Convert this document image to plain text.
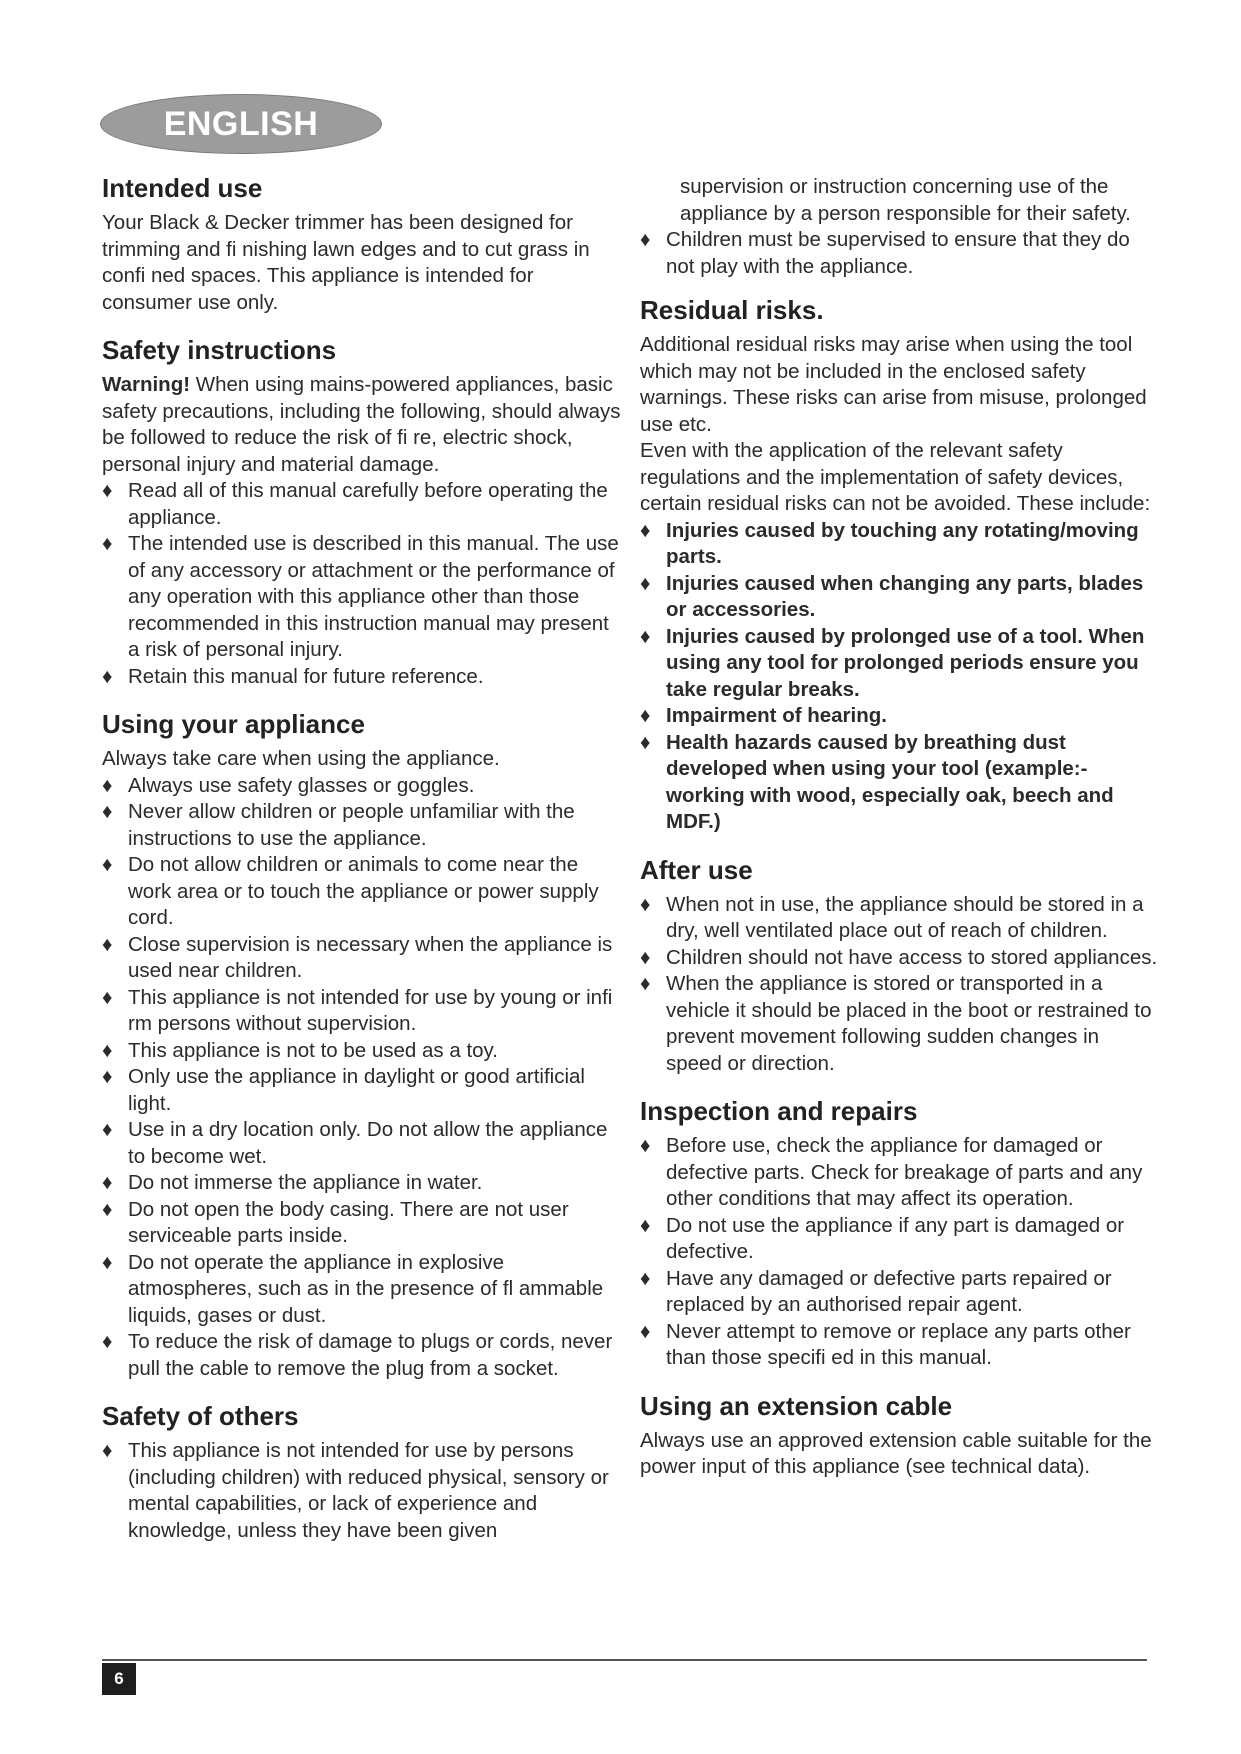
ENGLISH
Intended use

Your Black & Decker trimmer has been designed for trimming and fi nishing lawn edges and to cut grass in confi ned spaces. This appliance is intended for consumer use only.

Safety instructions

Warning! When using mains-powered appliances, basic safety precautions, including the following, should always be followed to reduce the risk of fi re, electric shock, personal injury and material damage.

♦ Read all of this manual carefully before operating the appliance.
♦ The intended use is described in this manual. The use of any accessory or attachment or the performance of any operation with this appliance other than those recommended in this instruction manual may present a risk of personal injury.
♦ Retain this manual for future reference.
Using your appliance

Always take care when using the appliance.

♦ Always use safety glasses or goggles.
♦ Never allow children or people unfamiliar with the instructions to use the appliance.
♦ Do not allow children or animals to come near the work area or to touch the appliance or power supply cord.
♦ Close supervision is necessary when the appliance is used near children.
♦ This appliance is not intended for use by young or infi rm persons without supervision.
♦ This appliance is not to be used as a toy.
♦ Only use the appliance in daylight or good artificial light.
♦ Use in a dry location only. Do not allow the appliance to become wet.
♦ Do not immerse the appliance in water.
♦ Do not open the body casing. There are not user serviceable parts inside.
♦ Do not operate the appliance in explosive atmospheres, such as in the presence of fl ammable liquids, gases or dust.
♦ To reduce the risk of damage to plugs or cords, never pull the cable to remove the plug from a socket.
Safety of others
♦ This appliance is not intended for use by persons (including children) with reduced physical, sensory or mental capabilities, or lack of experience and knowledge, unless they have been given

supervision or instruction concerning use of the appliance by a person responsible for their safety.

♦ Children must be supervised to ensure that they do not play with the appliance.
Residual risks.

Additional residual risks may arise when using the tool which may not be included in the enclosed safety warnings. These risks can arise from misuse, prolonged use etc.

Even with the application of the relevant safety regulations and the implementation of safety devices, certain residual risks can not be avoided. These include:

♦ Injuries caused by touching any rotating/moving parts.
♦ Injuries caused when changing any parts, blades or accessories.
♦ Injuries caused by prolonged use of a tool. When using any tool for prolonged periods ensure you take regular breaks.
♦ Impairment of hearing.
♦ Health hazards caused by breathing dust developed when using your tool (example:- working with wood, especially oak, beech and MDF.)
After use
♦ When not in use, the appliance should be stored in a dry, well ventilated place out of reach of children.
♦ Children should not have access to stored appliances.
♦ When the appliance is stored or transported in a vehicle it should be placed in the boot or restrained to prevent movement following sudden changes in speed or direction.
Inspection and repairs
♦ Before use, check the appliance for damaged or defective parts. Check for breakage of parts and any other conditions that may affect its operation.
♦ Do not use the appliance if any part is damaged or defective.
♦ Have any damaged or defective parts repaired or replaced by an authorised repair agent.
♦ Never attempt to remove or replace any parts other than those specifi ed in this manual.
Using an extension cable

Always use an approved extension cable suitable for the power input of this appliance (see technical data).

6
